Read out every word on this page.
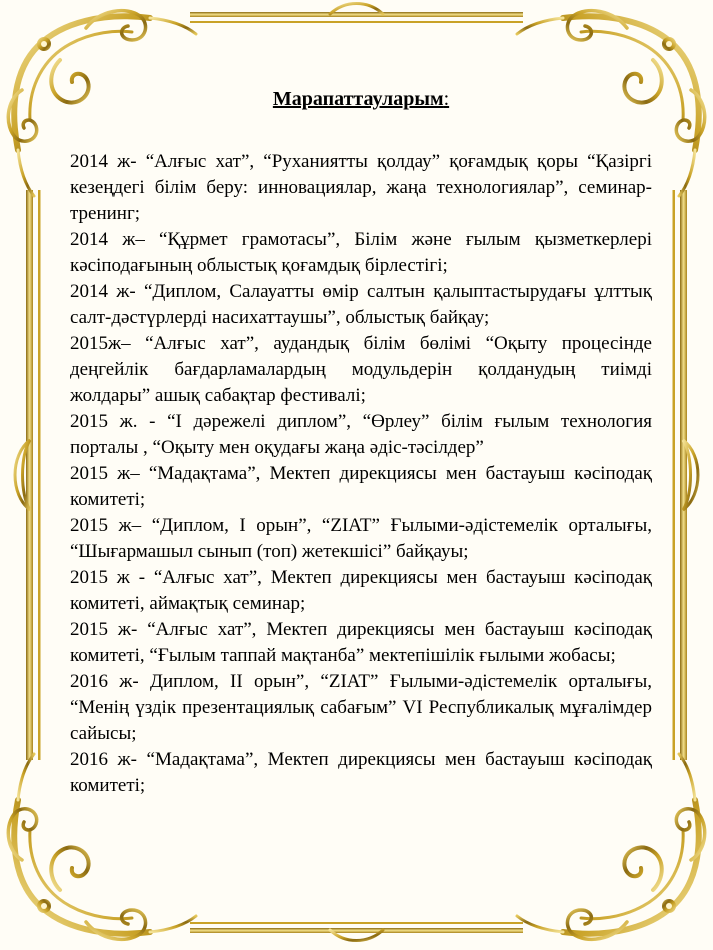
Марапаттауларым:

2014 ж- “Алғыс хат”, “Руханиятты қолдау” қоғамдық қоры “Қазіргі кезеңдегі білім беру: инновациялар, жаңа технологиялар”, семинар-тренинг;

2014 ж– “Құрмет грамотасы”, Білім және ғылым қызметкерлері кәсіподағының облыстық қоғамдық бірлестігі;

2014 ж- “Диплом, Салауатты өмір салтын қалыптастырудағы ұлттық салт-дәстүрлерді насихаттаушы”, облыстық байқау;

2015ж– “Алғыс хат”, аудандық білім бөлімі “Оқыту процесінде деңгейлік бағдарламалардың модульдерін қолданудың тиімді жолдары” ашық сабақтар фестивалі;

2015 ж. - “І дәрежелі диплом”, “Өрлеу” білім ғылым технология порталы , “Оқыту мен оқудағы жаңа әдіс-тәсілдер”

2015 ж– “Мадақтама”, Мектеп дирекциясы мен бастауыш кәсіподақ комитеті;

2015 ж– “Диплом, І орын”, “ZIAT” Ғылыми-әдістемелік орталығы, “Шығармашыл сынып (топ) жетекшісі” байқауы;

2015 ж - “Алғыс хат”, Мектеп дирекциясы мен бастауыш кәсіподақ комитеті, аймақтық семинар;

2015 ж- “Алғыс хат”, Мектеп дирекциясы мен бастауыш кәсіподақ комитеті, “Ғылым таппай мақтанба” мектепішілік ғылыми жобасы;

2016 ж- Диплом, ІІ орын”, “ZIAT” Ғылыми-әдістемелік орталығы, “Менің үздік презентациялық сабағым” VI Республикалық мұғалімдер сайысы;

2016 ж- “Мадақтама”, Мектеп дирекциясы мен бастауыш кәсіподақ комитеті;
